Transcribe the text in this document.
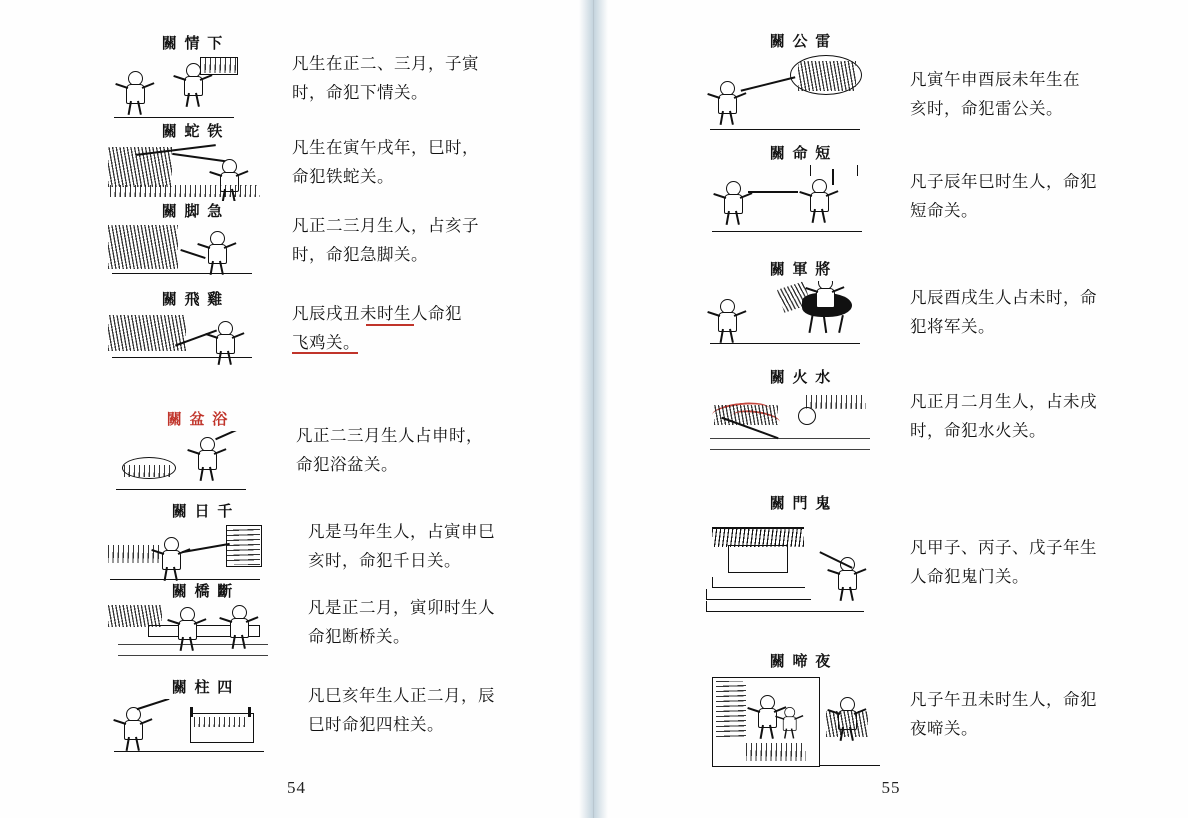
關 情 下
凡生在正二、三月，子寅
时，命犯下情关。
關 蛇 铁
凡生在寅午戌年，巳时，
命犯铁蛇关。
關 脚 急
凡正二三月生人，占亥子
时，命犯急脚关。
關 飛 雞
凡辰戌丑未时生人命犯
飞鸡关。
關 盆 浴
凡正二三月生人占申时，
命犯浴盆关。
關 日 千
凡是马年生人，占寅申巳
亥时，命犯千日关。
關 橋 斷
凡是正二月，寅卯时生人
命犯断桥关。
關 柱 四	凡巳亥年生人正二月，辰
巳时命犯四柱关。
54
關 公 雷
凡寅午申酉辰未年生在
亥时，命犯雷公关。
關 命 短
凡子辰年巳时生人，命犯
短命关。
關 軍 將
凡辰酉戌生人占未时，命
犯将军关。
關 火 水
凡正月二月生人，占未戌
时，命犯水火关。
關 門 鬼
凡甲子、丙子、戊子年生
人命犯鬼门关。
關 啼 夜
凡子午丑未时生人，命犯
夜啼关。
55
